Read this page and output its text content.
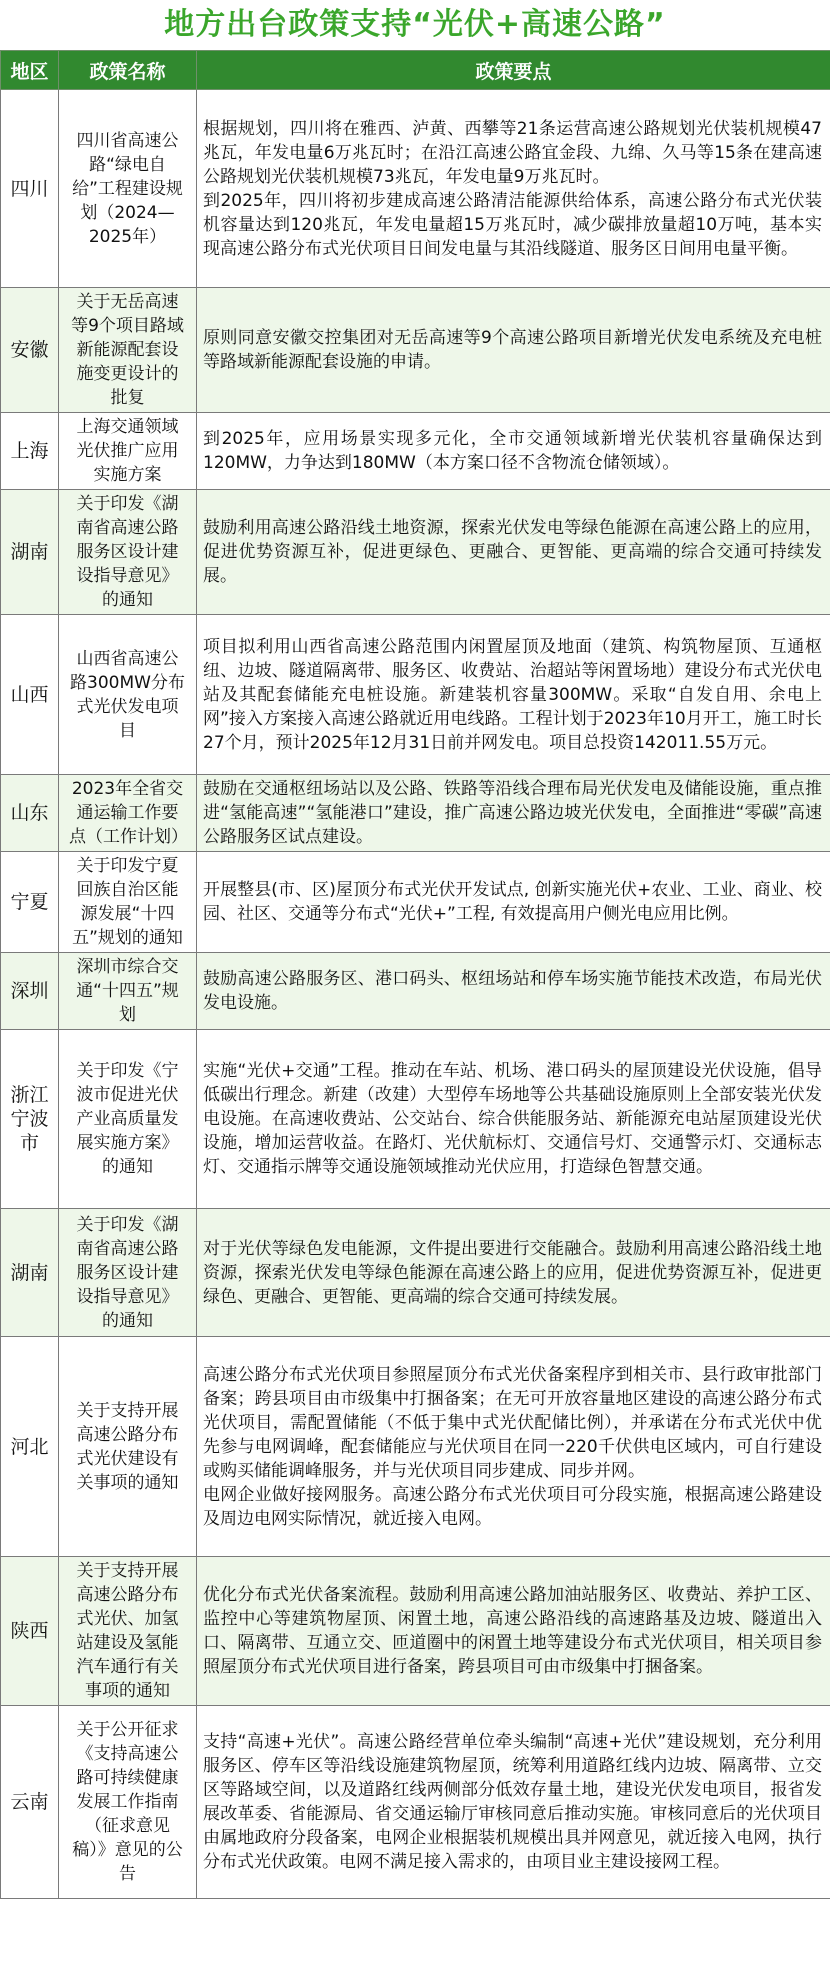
地方出台政策支持“光伏+高速公路”
地区	政策名称	政策要点
四川	四川省高速公路“绿电自给”工程建设规划（2024—2025年）	根据规划，四川将在雅西、泸黄、西攀等21条运营高速公路规划光伏装机规模47兆瓦，年发电量6万兆瓦时；在沿江高速公路宜金段、九绵、久马等15条在建高速公路规划光伏装机规模73兆瓦，年发电量9万兆瓦时。
到2025年，四川将初步建成高速公路清洁能源供给体系，高速公路分布式光伏装机容量达到120兆瓦，年发电量超15万兆瓦时，减少碳排放量超10万吨，基本实现高速公路分布式光伏项目日间发电量与其沿线隧道、服务区日间用电量平衡。

安徽	关于无岳高速等9个项目路域新能源配套设施变更设计的批复	原则同意安徽交控集团对无岳高速等9个高速公路项目新增光伏发电系统及充电桩等路域新能源配套设施的申请。

上海	上海交通领域光伏推广应用实施方案	到2025年，应用场景实现多元化，全市交通领域新增光伏装机容量确保达到120MW，力争达到180MW（本方案口径不含物流仓储领域）。

湖南	关于印发《湖南省高速公路服务区设计建设指导意见》的通知	鼓励利用高速公路沿线土地资源，探索光伏发电等绿色能源在高速公路上的应用，促进优势资源互补，促进更绿色、更融合、更智能、更高端的综合交通可持续发展。

山西	山西省高速公路300MW分布式光伏发电项目	项目拟利用山西省高速公路范围内闲置屋顶及地面（建筑、构筑物屋顶、互通枢纽、边坡、隧道隔离带、服务区、收费站、治超站等闲置场地）建设分布式光伏电站及其配套储能充电桩设施。新建装机容量300MW。采取“自发自用、余电上网”接入方案接入高速公路就近用电线路。工程计划于2023年10月开工，施工时长27个月，预计2025年12月31日前并网发电。项目总投资142011.55万元。

山东	2023年全省交通运输工作要点（工作计划）	鼓励在交通枢纽场站以及公路、铁路等沿线合理布局光伏发电及储能设施，重点推进“氢能高速”“氢能港口”建设，推广高速公路边坡光伏发电，全面推进“零碳”高速公路服务区试点建设。

宁夏	关于印发宁夏回族自治区能源发展“十四五”规划的通知	开展整县(市、区)屋顶分布式光伏开发试点, 创新实施光伏+农业、工业、商业、校园、社区、交通等分布式“光伏+”工程, 有效提高用户侧光电应用比例。

深圳	深圳市综合交通“十四五”规划	鼓励高速公路服务区、港口码头、枢纽场站和停车场实施节能技术改造，布局光伏发电设施。

浙江宁波市	关于印发《宁波市促进光伏产业高质量发展实施方案》的通知	实施“光伏+交通”工程。推动在车站、机场、港口码头的屋顶建设光伏设施，倡导低碳出行理念。新建（改建）大型停车场地等公共基础设施原则上全部安装光伏发电设施。在高速收费站、公交站台、综合供能服务站、新能源充电站屋顶建设光伏设施，增加运营收益。在路灯、光伏航标灯、交通信号灯、交通警示灯、交通标志灯、交通指示牌等交通设施领域推动光伏应用，打造绿色智慧交通。

湖南	关于印发《湖南省高速公路服务区设计建设指导意见》的通知	对于光伏等绿色发电能源，文件提出要进行交能融合。鼓励利用高速公路沿线土地资源，探索光伏发电等绿色能源在高速公路上的应用，促进优势资源互补，促进更绿色、更融合、更智能、更高端的综合交通可持续发展。

河北	关于支持开展高速公路分布式光伏建设有关事项的通知	高速公路分布式光伏项目参照屋顶分布式光伏备案程序到相关市、县行政审批部门备案；跨县项目由市级集中打捆备案；在无可开放容量地区建设的高速公路分布式光伏项目，需配置储能（不低于集中式光伏配储比例），并承诺在分布式光伏中优先参与电网调峰，配套储能应与光伏项目在同一220千伏供电区域内，可自行建设或购买储能调峰服务，并与光伏项目同步建成、同步并网。
电网企业做好接网服务。高速公路分布式光伏项目可分段实施，根据高速公路建设及周边电网实际情况，就近接入电网。

陕西	关于支持开展高速公路分布式光伏、加氢站建设及氢能汽车通行有关事项的通知	优化分布式光伏备案流程。鼓励利用高速公路加油站服务区、收费站、养护工区、监控中心等建筑物屋顶、闲置土地，高速公路沿线的高速路基及边坡、隧道出入口、隔离带、互通立交、匝道圈中的闲置土地等建设分布式光伏项目，相关项目参照屋顶分布式光伏项目进行备案，跨县项目可由市级集中打捆备案。

云南	关于公开征求《支持高速公路可持续健康发展工作指南（征求意见稿）》意见的公告	支持“高速+光伏”。高速公路经营单位牵头编制“高速+光伏”建设规划，充分利用服务区、停车区等沿线设施建筑物屋顶，统筹利用道路红线内边坡、隔离带、立交区等路域空间，以及道路红线两侧部分低效存量土地，建设光伏发电项目，报省发展改革委、省能源局、省交通运输厅审核同意后推动实施。审核同意后的光伏项目由属地政府分段备案，电网企业根据装机规模出具并网意见，就近接入电网，执行分布式光伏政策。电网不满足接入需求的，由项目业主建设接网工程。
